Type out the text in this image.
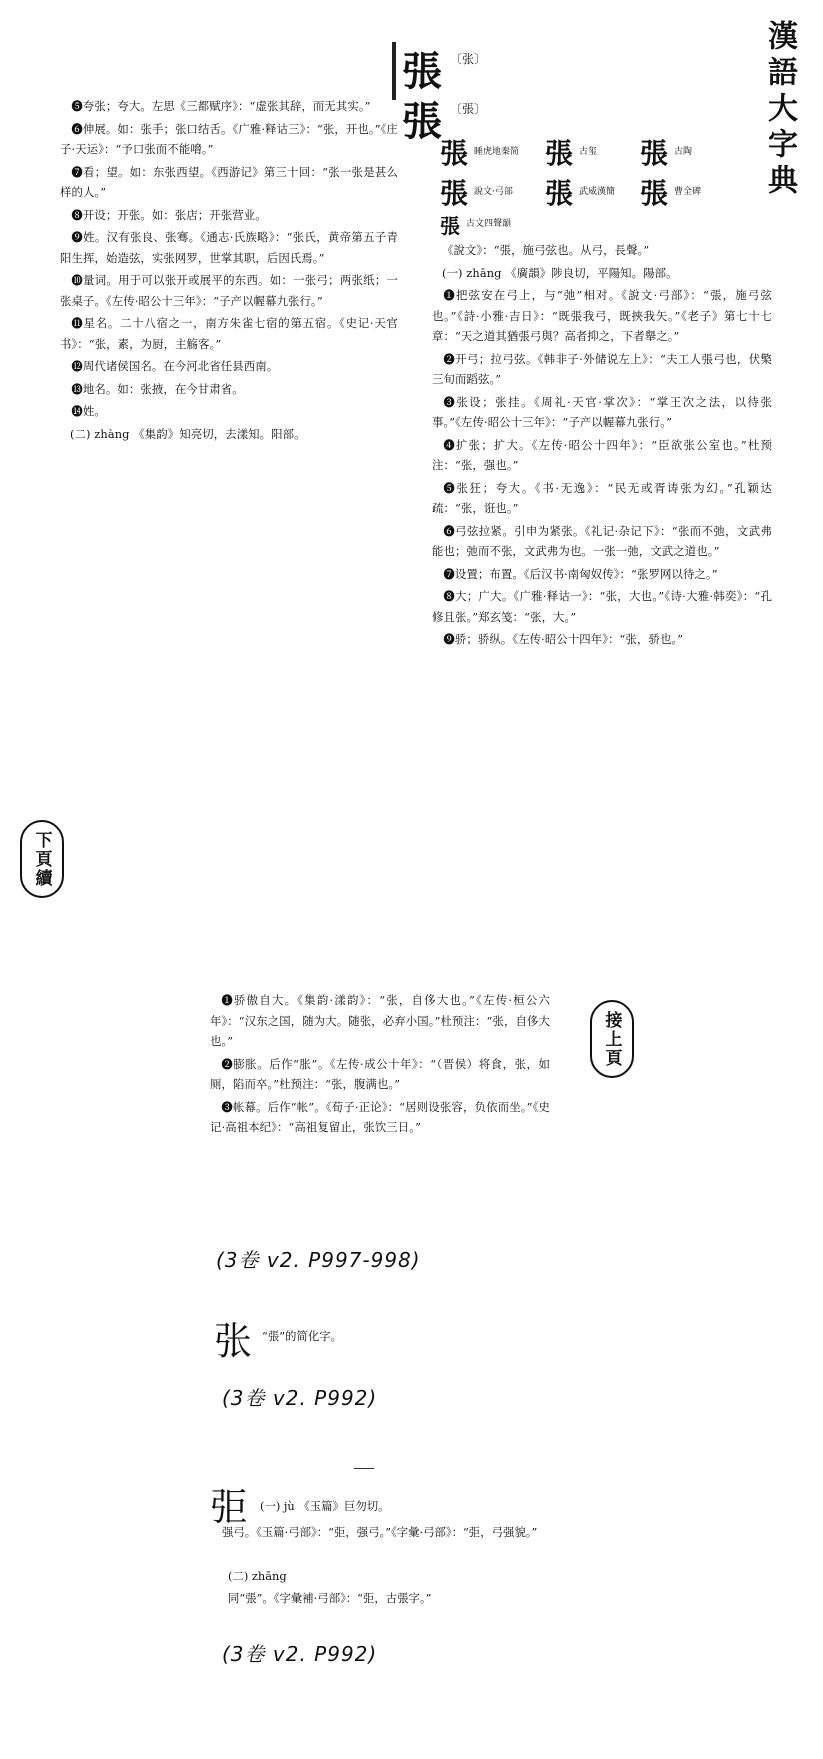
漢語大字典
張 〔张〕
張 〔張〕
張 睡虎地秦简 張 古玺 張 古陶
張 說文·弓部 張 武威漢簡 張 曹全碑
張 古文四聲韻

《說文》：“張，施弓弦也。从弓，長聲。”

(一) zhāng 《廣韻》陟良切，平陽知。陽部。

❶把弦安在弓上，与“弛”相对。《說文·弓部》：“張，施弓弦也。”《詩·小雅·吉日》：“既張我弓，既挾我矢。”《老子》第七十七章：“天之道其猶張弓與？高者抑之，下者舉之。”

❷开弓；拉弓弦。《韩非子·外储说左上》：“夫工人張弓也，伏檠三旬而蹈弦。”

❸张设；张挂。《周礼·天官·掌次》：“掌王次之法，以待张事。”《左传·昭公十三年》：“子产以幄幕九张行。”

❹扩张；扩大。《左传·昭公十四年》：“臣欲张公室也。”杜预注：“张，强也。”

❺张狂；夸大。《书·无逸》：“民无或胥诪张为幻。”孔颖达疏：“张，诳也。”

❻弓弦拉紧。引申为紧张。《礼记·杂记下》：“张而不弛，文武弗能也；弛而不张，文武弗为也。一张一弛，文武之道也。”

❼设置；布置。《后汉书·南匈奴传》：“张罗网以待之。”

❽大；广大。《广雅·释诂一》：“张，大也。”《诗·大雅·韩奕》：“孔修且张。”郑玄笺：“张，大。”

❾骄；骄纵。《左传·昭公十四年》：“张，骄也。”

❺夸张；夸大。左思《三都赋序》：“虚张其辞，而无其实。”

❻伸展。如：张手；张口结舌。《广雅·释诂三》：“张，开也。”《庄子·天运》：“予口张而不能嗋。”

❼看；望。如：东张西望。《西游记》第三十回：“张一张是甚么样的人。”

❽开设；开张。如：张店；开张营业。

❾姓。汉有张良、张骞。《通志·氏族略》：“张氏，黄帝第五子青阳生挥，始造弦，实张网罗，世掌其职，后因氏焉。”

❿量词。用于可以张开或展平的东西。如：一张弓；两张纸；一张桌子。《左传·昭公十三年》：“子产以幄幕九张行。”

⓫星名。二十八宿之一，南方朱雀七宿的第五宿。《史记·天官书》：“张，素，为厨，主觞客。”

⓬周代诸侯国名。在今河北省任县西南。

⓭地名。如：张掖，在今甘肃省。

⓮姓。

(二) zhàng 《集韵》知亮切，去漾知。阳部。

下頁續
接上頁

❶骄傲自大。《集韵·漾韵》：“张，自侈大也。”《左传·桓公六年》：“汉东之国，随为大。随张，必弃小国。”杜预注：“张，自侈大也。”

❷膨胀。后作“胀”。《左传·成公十年》：“（晋侯）将食，张，如厕，陷而卒。”杜预注：“张，腹满也。”

❸帐幕。后作“帐”。《荀子·正论》：“居则设张容，负依而坐。”《史记·高祖本纪》：“高祖复留止，张饮三日。”

(3卷 v2. P997-998)
张 “張”的简化字。
(3卷 v2. P992)
弡 (一) jù 《玉篇》巨勿切。
强弓。《玉篇·弓部》：“弡，强弓。”《字彙·弓部》：“弡，弓强貌。”
(二) zhāng
同“張”。《字彙補·弓部》：“弡，古張字。”
(3卷 v2. P992)
